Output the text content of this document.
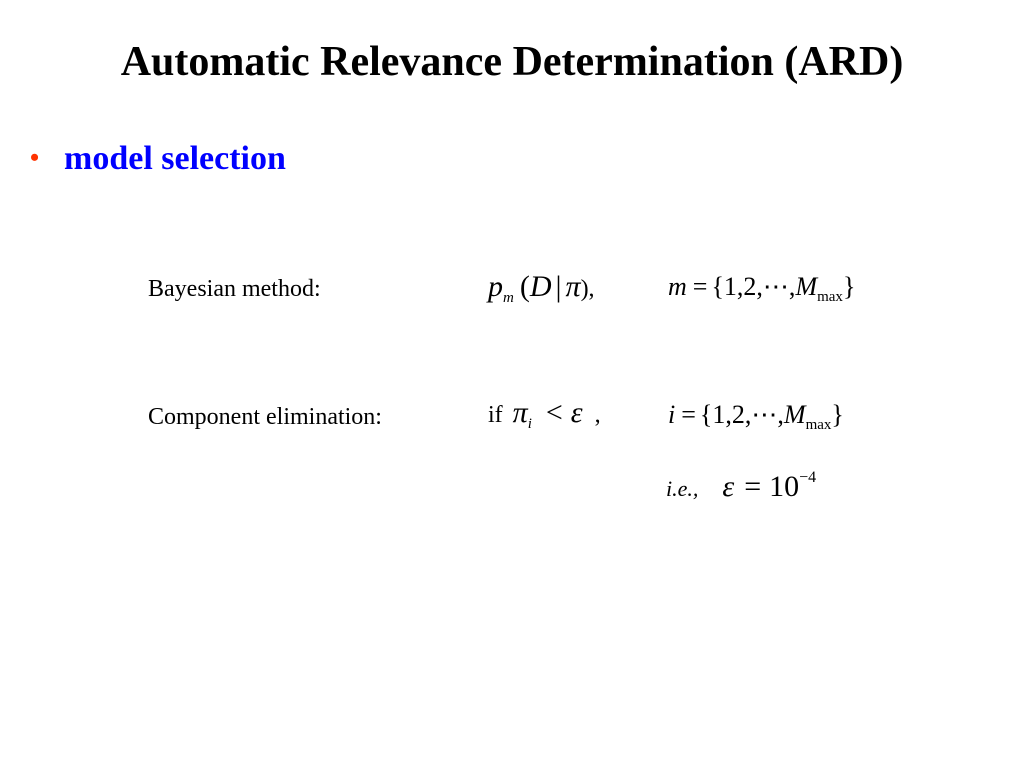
Automatic Relevance Determination (ARD)
• model selection
Bayesian method:	$p_m$ (D | π),	$m = \{1,2,\cdots,M_{max}\}$
Component elimination:	if $\pi_i < \varepsilon$ ,	$i = \{1,2,\cdots,M_{max}\}$
i.e., ε = 10−4
